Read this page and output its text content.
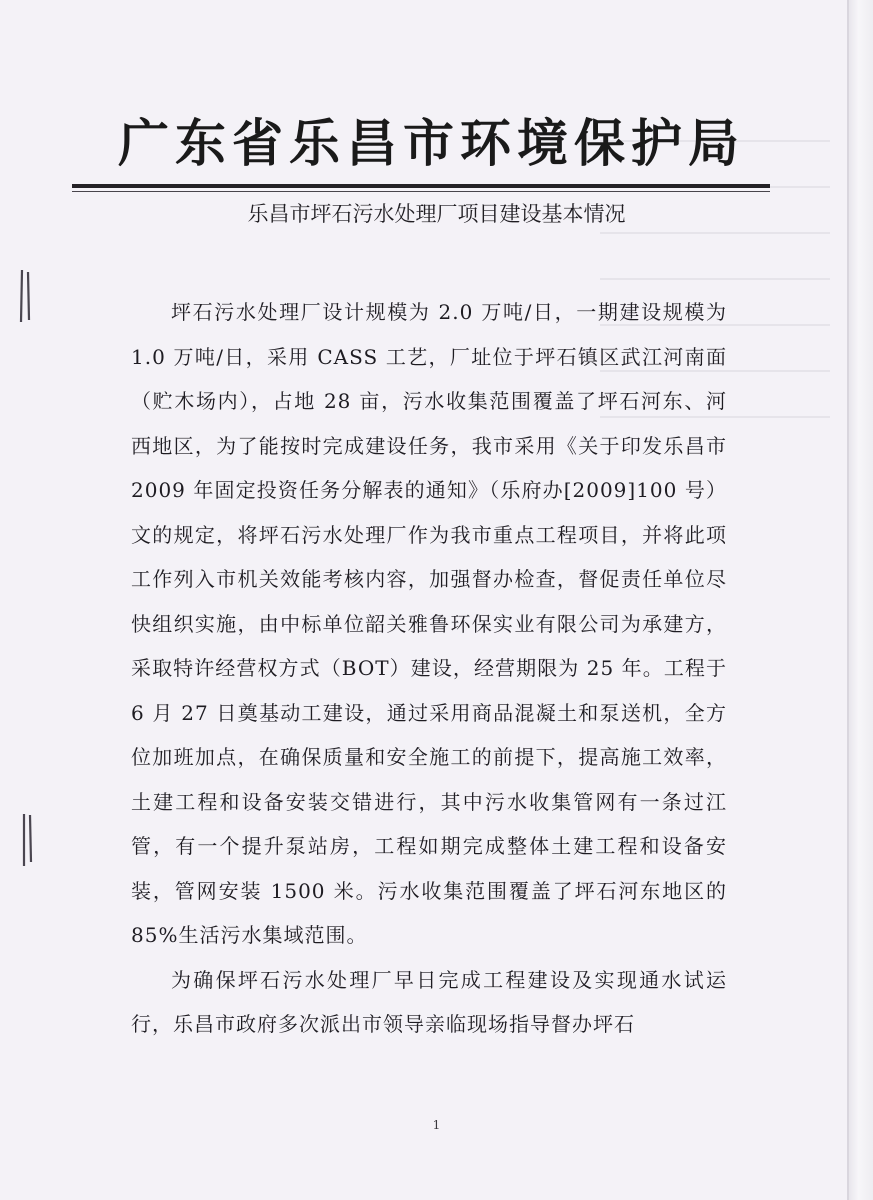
广东省乐昌市环境保护局
乐昌市坪石污水处理厂项目建设基本情况

坪石污水处理厂设计规模为 2.0 万吨/日，一期建设规模为 1.0 万吨/日，采用 CASS 工艺，厂址位于坪石镇区武江河南面（贮木场内），占地 28 亩，污水收集范围覆盖了坪石河东、河西地区，为了能按时完成建设任务，我市采用《关于印发乐昌市 2009 年固定投资任务分解表的通知》（乐府办[2009]100 号）文的规定，将坪石污水处理厂作为我市重点工程项目，并将此项工作列入市机关效能考核内容，加强督办检查，督促责任单位尽快组织实施，由中标单位韶关雅鲁环保实业有限公司为承建方，采取特许经营权方式（BOT）建设，经营期限为 25 年。工程于 6 月 27 日奠基动工建设，通过采用商品混凝土和泵送机，全方位加班加点，在确保质量和安全施工的前提下，提高施工效率，土建工程和设备安装交错进行，其中污水收集管网有一条过江管，有一个提升泵站房，工程如期完成整体土建工程和设备安装，管网安装 1500 米。污水收集范围覆盖了坪石河东地区的 85%生活污水集域范围。

为确保坪石污水处理厂早日完成工程建设及实现通水试运行，乐昌市政府多次派出市领导亲临现场指导督办坪石

1
